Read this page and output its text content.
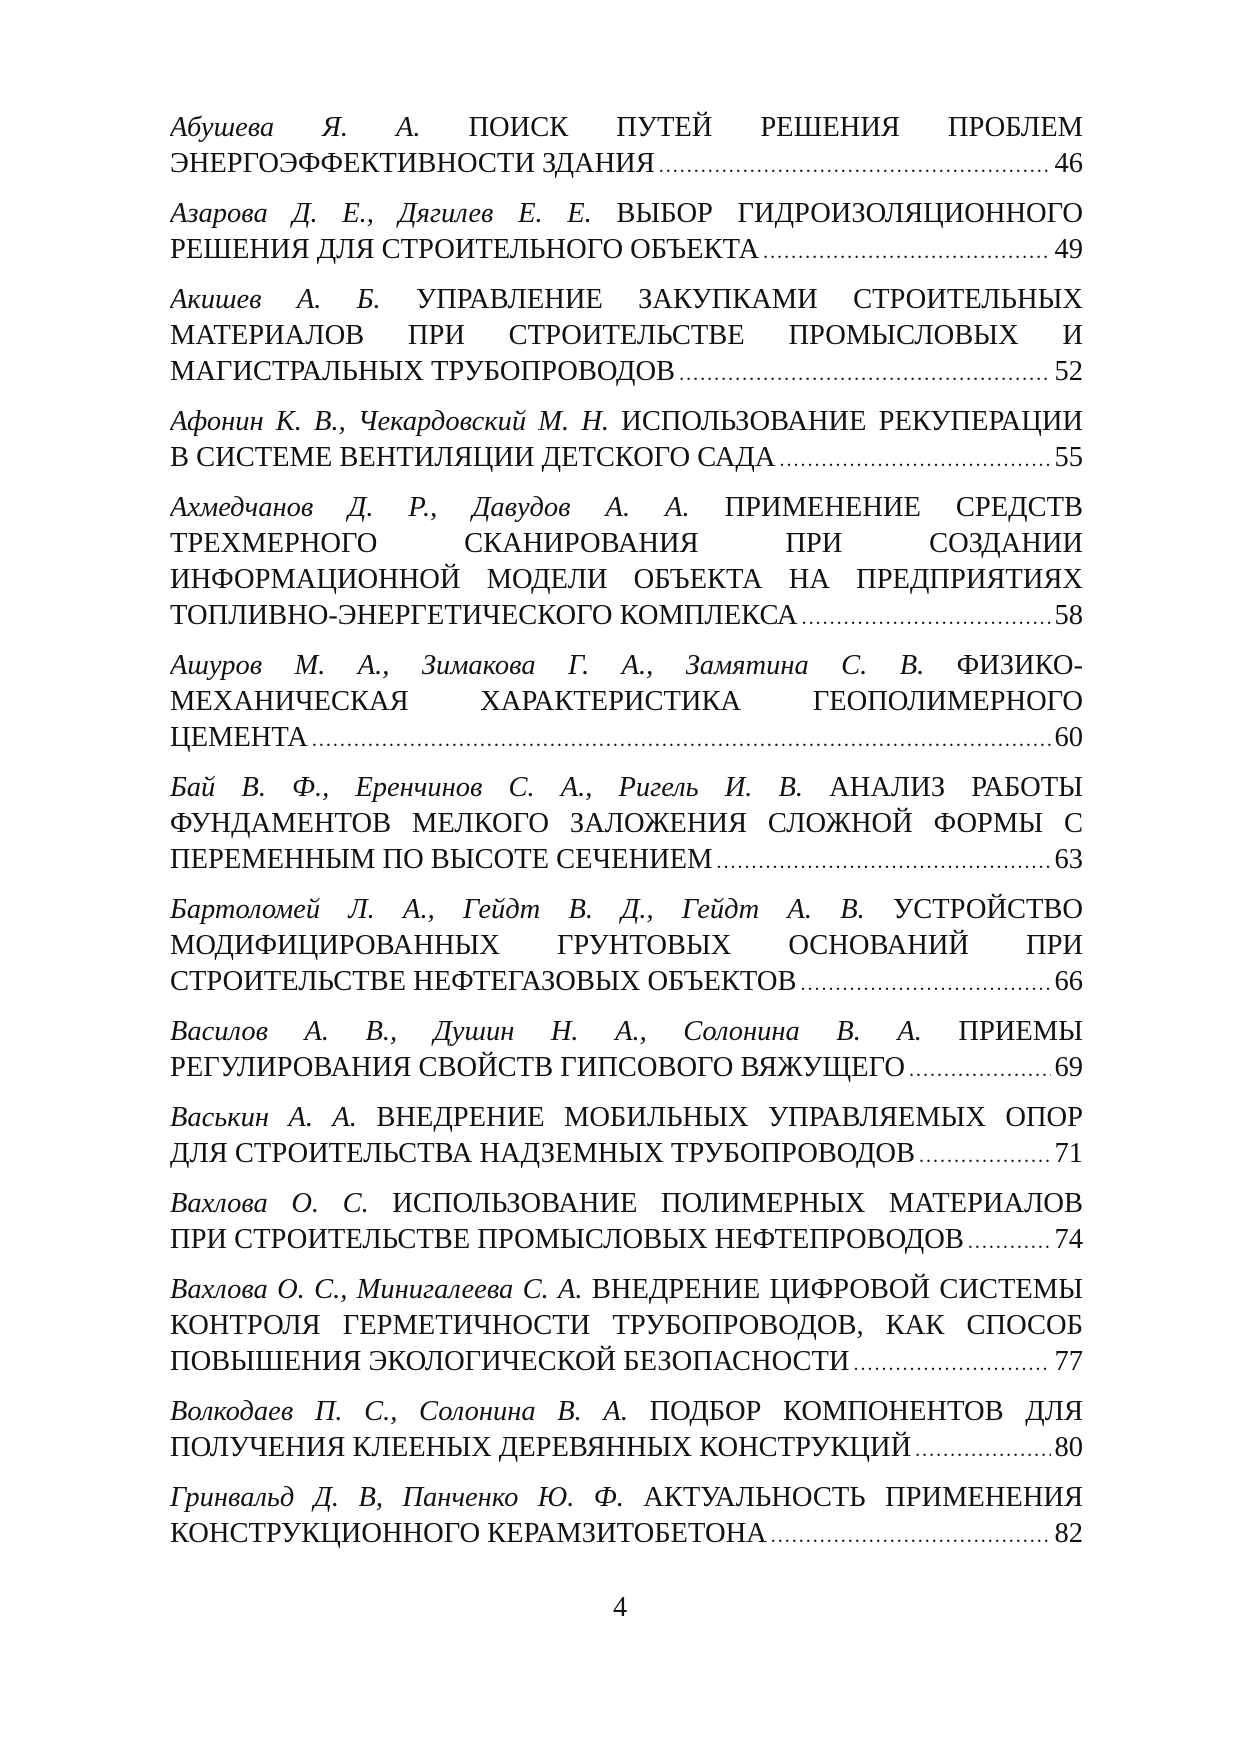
Абушева Я. А. ПОИСК ПУТЕЙ РЕШЕНИЯ ПРОБЛЕМ
ЭНЕРГОЭФФЕКТИВНОСТИ ЗДАНИЯ .....	46
Азарова Д. Е., Дягилев Е. Е. ВЫБОР ГИДРОИЗОЛЯЦИОННОГО
РЕШЕНИЯ ДЛЯ СТРОИТЕЛЬНОГО ОБЪЕКТА .....	49
Акишев А. Б. УПРАВЛЕНИЕ ЗАКУПКАМИ СТРОИТЕЛЬНЫХ МАТЕРИАЛОВ ПРИ СТРОИТЕЛЬСТВЕ ПРОМЫСЛОВЫХ И
МАГИСТРАЛЬНЫХ ТРУБОПРОВОДОВ .....	52
Афонин К. В., Чекардовский М. Н. ИСПОЛЬЗОВАНИЕ РЕКУПЕРАЦИИ
В СИСТЕМЕ ВЕНТИЛЯЦИИ ДЕТСКОГО САДА .....	55
Ахмедчанов Д. Р., Давудов А. А. ПРИМЕНЕНИЕ СРЕДСТВ ТРЕХМЕРНОГО СКАНИРОВАНИЯ ПРИ СОЗДАНИИ ИНФОРМАЦИОННОЙ МОДЕЛИ ОБЪЕКТА НА ПРЕДПРИЯТИЯХ
ТОПЛИВНО-ЭНЕРГЕТИЧЕСКОГО КОМПЛЕКСА .....	58
Ашуров М. А., Зимакова Г. А., Замятина С. В. ФИЗИКО- МЕХАНИЧЕСКАЯ ХАРАКТЕРИСТИКА ГЕОПОЛИМЕРНОГО
ЦЕМЕНТА .....	60
Бай В. Ф., Еренчинов С. А., Ригель И. В. АНАЛИЗ РАБОТЫ ФУНДАМЕНТОВ МЕЛКОГО ЗАЛОЖЕНИЯ СЛОЖНОЙ ФОРМЫ С
ПЕРЕМЕННЫМ ПО ВЫСОТЕ СЕЧЕНИЕМ .....	63
Бартоломей Л. А., Гейдт В. Д., Гейдт А. В. УСТРОЙСТВО МОДИФИЦИРОВАННЫХ ГРУНТОВЫХ ОСНОВАНИЙ ПРИ
СТРОИТЕЛЬСТВЕ НЕФТЕГАЗОВЫХ ОБЪЕКТОВ .....	66
Василов А. В., Душин Н. А., Солонина В. А. ПРИЕМЫ
РЕГУЛИРОВАНИЯ СВОЙСТВ ГИПСОВОГО ВЯЖУЩЕГО .....	69
Васькин А. А. ВНЕДРЕНИЕ МОБИЛЬНЫХ УПРАВЛЯЕМЫХ ОПОР
ДЛЯ СТРОИТЕЛЬСТВА НАДЗЕМНЫХ ТРУБОПРОВОДОВ .....	71
Вахлова О. С. ИСПОЛЬЗОВАНИЕ ПОЛИМЕРНЫХ МАТЕРИАЛОВ
ПРИ СТРОИТЕЛЬСТВЕ ПРОМЫСЛОВЫХ НЕФТЕПРОВОДОВ .....	74
Вахлова О. С., Минигалеева С. А. ВНЕДРЕНИЕ ЦИФРОВОЙ СИСТЕМЫ КОНТРОЛЯ ГЕРМЕТИЧНОСТИ ТРУБОПРОВОДОВ, КАК СПОСОБ
ПОВЫШЕНИЯ ЭКОЛОГИЧЕСКОЙ БЕЗОПАСНОСТИ .....	77
Волкодаев П. С., Солонина В. А. ПОДБОР КОМПОНЕНТОВ ДЛЯ
ПОЛУЧЕНИЯ КЛЕЕНЫХ ДЕРЕВЯННЫХ КОНСТРУКЦИЙ .....	80
Гринвальд Д. В, Панченко Ю. Ф. АКТУАЛЬНОСТЬ ПРИМЕНЕНИЯ
КОНСТРУКЦИОННОГО КЕРАМЗИТОБЕТОНА .....	82
4
